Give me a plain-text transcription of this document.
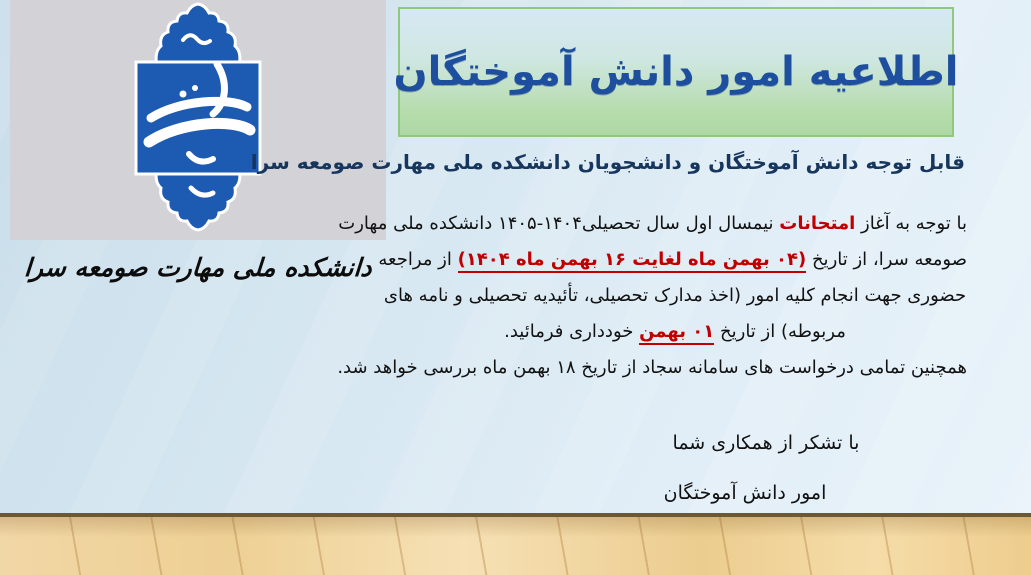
دانشکده ملی مهارت صومعه سرا
اطلاعیه امور دانش آموختگان
قابل توجه دانش آموختگان و دانشجویان دانشکده ملی مهارت صومعه سرا
با توجه به آغاز امتحانات نیمسال اول سال تحصیلی۱۴۰۴-۱۴۰۵ دانشکده ملی مهارت
صومعه سرا، از تاریخ (۰۴ بهمن ماه لغایت ۱۶ بهمن ماه ۱۴۰۴) از مراجعه
حضوری جهت انجام کلیه امور (اخذ مدارک تحصیلی، تأئیدیه تحصیلی و نامه های
مربوطه) از تاریخ ۰۱ بهمن خودداری فرمائید.
همچنین تمامی درخواست های سامانه سجاد از تاریخ ۱۸ بهمن ماه بررسی خواهد شد.
با تشکر از همکاری شما
امور دانش آموختگان
